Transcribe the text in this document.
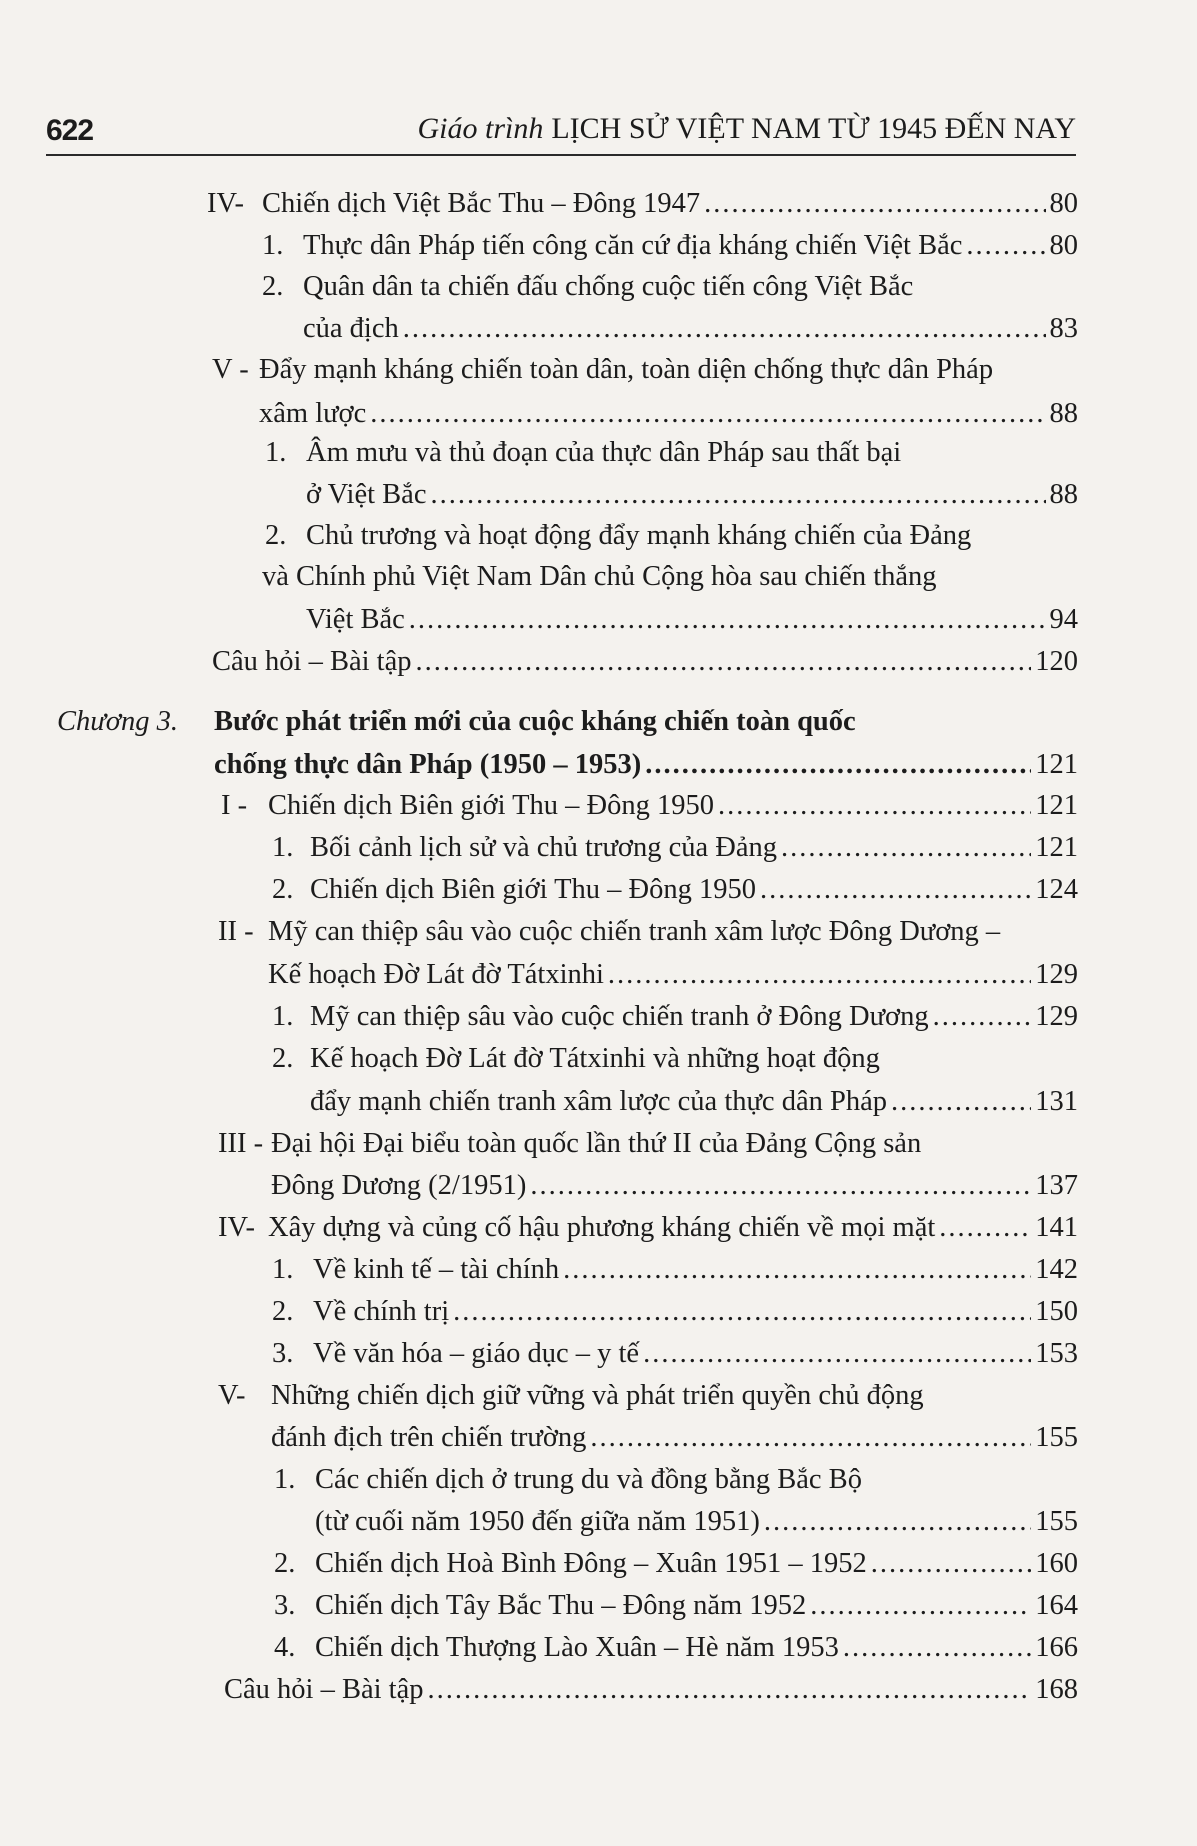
622	Giáo trình LỊCH SỬ VIỆT NAM TỪ 1945 ĐẾN NAY
IV- Chiến dịch Việt Bắc Thu – Đông 1947 .....	80
1. Thực dân Pháp tiến công căn cứ địa kháng chiến Việt Bắc .....	80
2. Quân dân ta chiến đấu chống cuộc tiến công Việt Bắc
của địch .....	83
V - Đẩy mạnh kháng chiến toàn dân, toàn diện chống thực dân Pháp
xâm lược .....	88
1. Âm mưu và thủ đoạn của thực dân Pháp sau thất bại
ở Việt Bắc .....	88
2. Chủ trương và hoạt động đẩy mạnh kháng chiến của Đảng
và Chính phủ Việt Nam Dân chủ Cộng hòa sau chiến thắng
Việt Bắc .....	94
Câu hỏi – Bài tập .....	120
Chương 3.	Bước phát triển mới của cuộc kháng chiến toàn quốc
chống thực dân Pháp (1950 – 1953) .....	121
I - Chiến dịch Biên giới Thu – Đông 1950 .....	121
1. Bối cảnh lịch sử và chủ trương của Đảng .....	121
2. Chiến dịch Biên giới Thu – Đông 1950 .....	124
II - Mỹ can thiệp sâu vào cuộc chiến tranh xâm lược Đông Dương –
Kế hoạch Đờ Lát đờ Tátxinhi .....	129
1. Mỹ can thiệp sâu vào cuộc chiến tranh ở Đông Dương .....	129
2. Kế hoạch Đờ Lát đờ Tátxinhi và những hoạt động
đẩy mạnh chiến tranh xâm lược của thực dân Pháp .....	131
III - Đại hội Đại biểu toàn quốc lần thứ II của Đảng Cộng sản
Đông Dương (2/1951) .....	137
IV- Xây dựng và củng cố hậu phương kháng chiến về mọi mặt .....	141
1. Về kinh tế – tài chính .....	142
2. Về chính trị .....	150
3. Về văn hóa – giáo dục – y tế .....	153
V- Những chiến dịch giữ vững và phát triển quyền chủ động
đánh địch trên chiến trường .....	155
1. Các chiến dịch ở trung du và đồng bằng Bắc Bộ
(từ cuối năm 1950 đến giữa năm 1951) .....	155
2. Chiến dịch Hoà Bình Đông – Xuân 1951 – 1952 .....	160
3. Chiến dịch Tây Bắc Thu – Đông năm 1952 .....	164
4. Chiến dịch Thượng Lào Xuân – Hè năm 1953 .....	166
Câu hỏi – Bài tập .....	168
